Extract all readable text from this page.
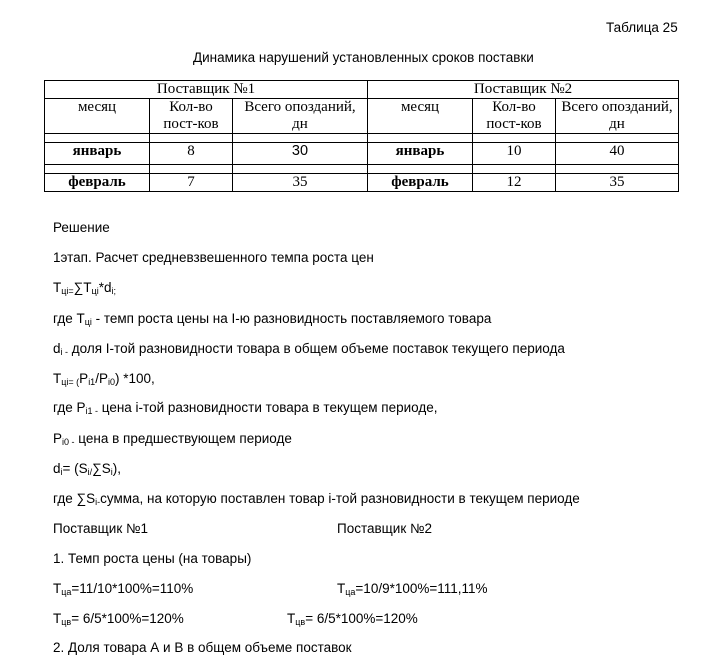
Таблица 25
Динамика нарушений установленных сроков поставки
Поставщик №1			Поставщик №2		
месяц	Кол-во пост-ков	Всего опозданий, дн	месяц	Кол-во пост-ков	Всего опозданий, дн

январь	8	30	январь	10	40

февраль	7	35	февраль	12	35
Решение
1этап. Расчет средневзвешенного темпа роста цен
$T_{цi=}\sum T_{цi}*d_{i;}$
где $T_{цi}$ - темп роста цены на I-ю разновидность поставляемого товара
$d_{i -}$ доля I-той разновидности товара в общем объеме поставок текущего периода
$T_{цi= (}P_{i1}/P_{i0}$) *100,
где $P_{i1 -}$ цена i-той разновидности товара в текущем периоде,
$P_{i0 -}$ цена в предшествующем периоде
$d_i= (S_{i/}\sum S_i)$,
где $\sum S_{i-}сумма$, на которую поставлен товар i-той разновидности в текущем периоде
Поставщик №1	Поставщик №2
1. Темп роста цены (на товары)
$T_{ца}=11/10*100\%=110\%$	$T_{ца}=10/9*100\%=111,11\%$
$T_{цв}= 6/5*100\%=120\%$	$T_{цв}= 6/5*100\%=120\%$
2. Доля товара А и В в общем объеме поставок
